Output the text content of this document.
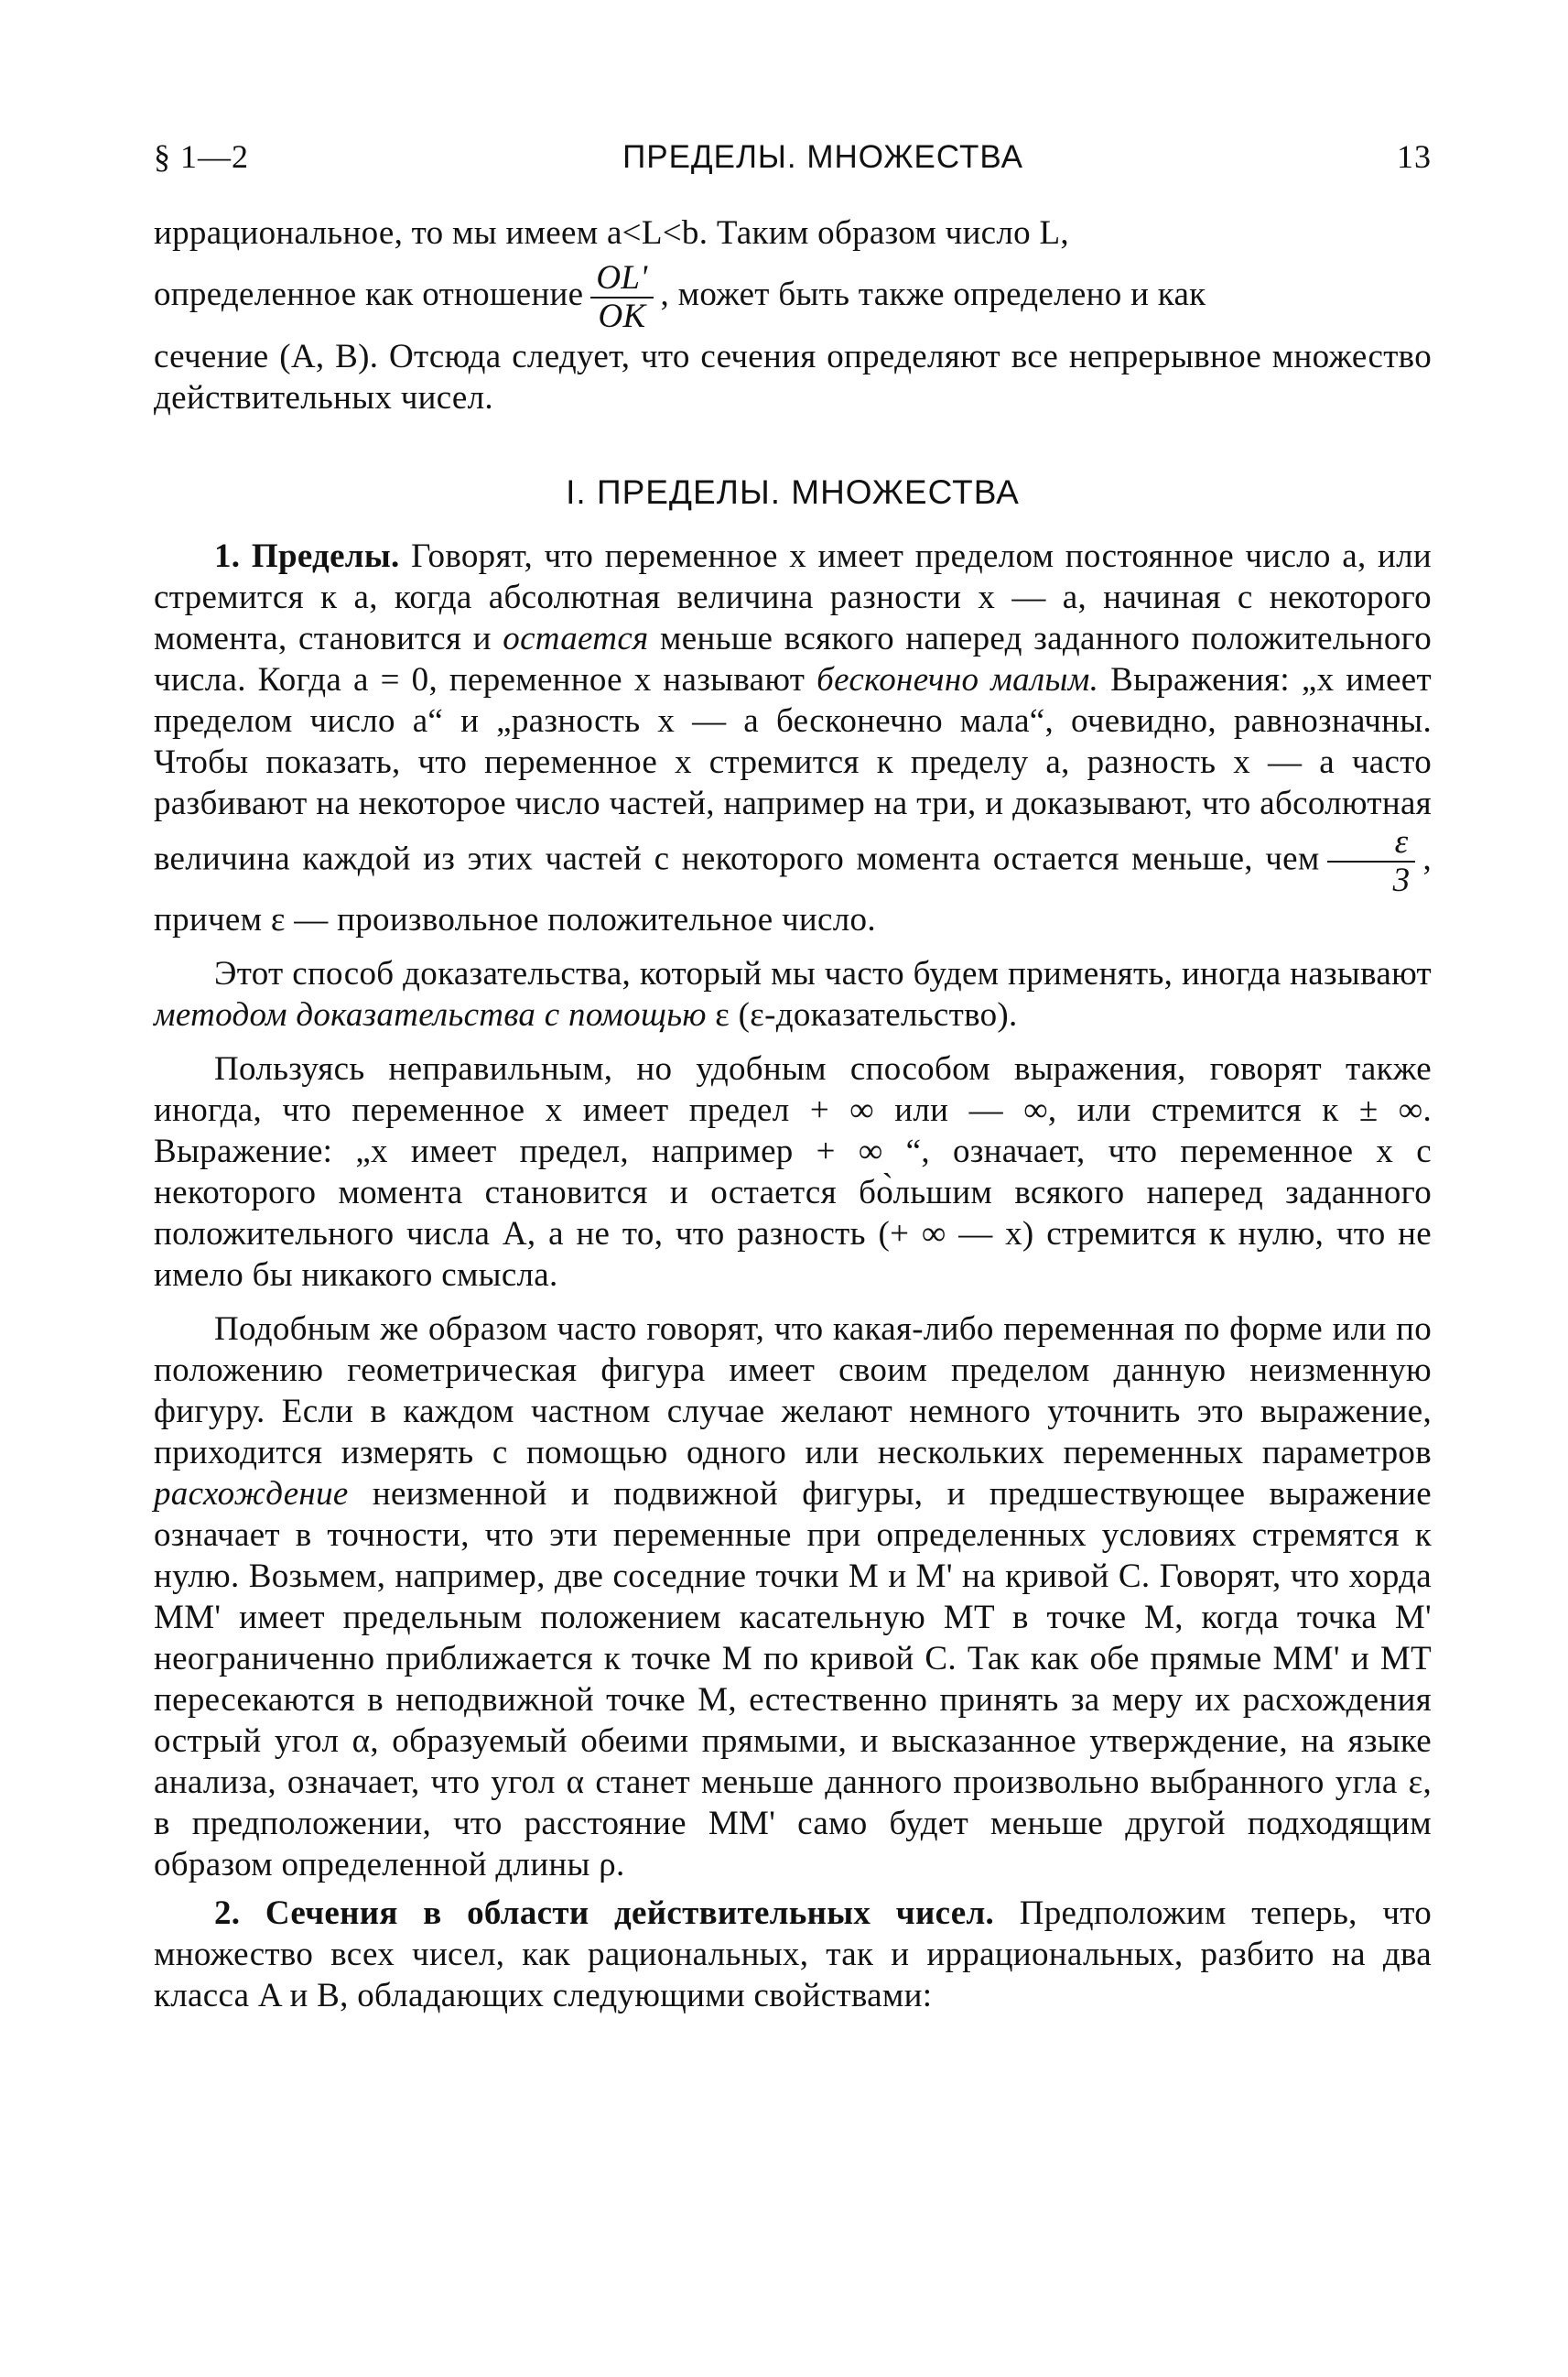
§ 1—2	ПРЕДЕЛЫ. МНОЖЕСТВА	13

иррациональное, то мы имеем a<L<b. Таким образом число L,

определенное как отношение $\frac{OL'}{OK}$ , может быть также определено и как

сечение (A, B). Отсюда следует, что сечения определяют все непрерывное множество действительных чисел.

I. ПРЕДЕЛЫ. МНОЖЕСТВА

1. Пределы. Говорят, что переменное x имеет пределом постоянное число a, или стремится к a, когда абсолютная величина разности x — a, начиная с некоторого момента, становится и остается меньше всякого наперед заданного положительного числа. Когда a = 0, переменное x называют бесконечно малым. Выражения: „x имеет пределом число a“ и „разность x — a бесконечно мала“, очевидно, равнозначны. Чтобы показать, что переменное x стремится к пределу a, разность x — a часто разбивают на некоторое число частей, например на три, и доказывают, что абсолютная величина каждой из этих частей с некоторого момента остается меньше, чем $\frac{\varepsilon}{3}$ , причем ε — произвольное положительное число.

Этот способ доказательства, который мы часто будем применять, иногда называют методом доказательства с помощью ε (ε-доказательство).

Пользуясь неправильным, но удобным способом выражения, говорят также иногда, что переменное x имеет предел + ∞ или — ∞, или стремится к ± ∞. Выражение: „x имеет предел, например + ∞ “, означает, что переменное x с некоторого момента становится и остается бо̀льшим всякого наперед заданного положительного числа A, а не то, что разность (+ ∞ — x) стремится к нулю, что не имело бы никакого смысла.

Подобным же образом часто говорят, что какая-либо переменная по форме или по положению геометрическая фигура имеет своим пределом данную неизменную фигуру. Если в каждом частном случае желают немного уточнить это выражение, приходится измерять с помощью одного или нескольких переменных параметров расхождение неизменной и подвижной фигуры, и предшествующее выражение означает в точности, что эти переменные при определенных условиях стремятся к нулю. Возьмем, например, две соседние точки M и M' на кривой C. Говорят, что хорда MM' имеет предельным положением касательную MT в точке M, когда точка M' неограниченно приближается к точке M по кривой C. Так как обе прямые MM' и MT пересекаются в неподвижной точке M, естественно принять за меру их расхождения острый угол α, образуемый обеими прямыми, и высказанное утверждение, на языке анализа, означает, что угол α станет меньше данного произвольно выбранного угла ε, в предположении, что расстояние MM' само будет меньше другой подходящим образом определенной длины ρ.

2. Сечения в области действительных чисел. Предположим теперь, что множество всех чисел, как рациональных, так и иррациональных, разбито на два класса A и B, обладающих следующими свойствами:
